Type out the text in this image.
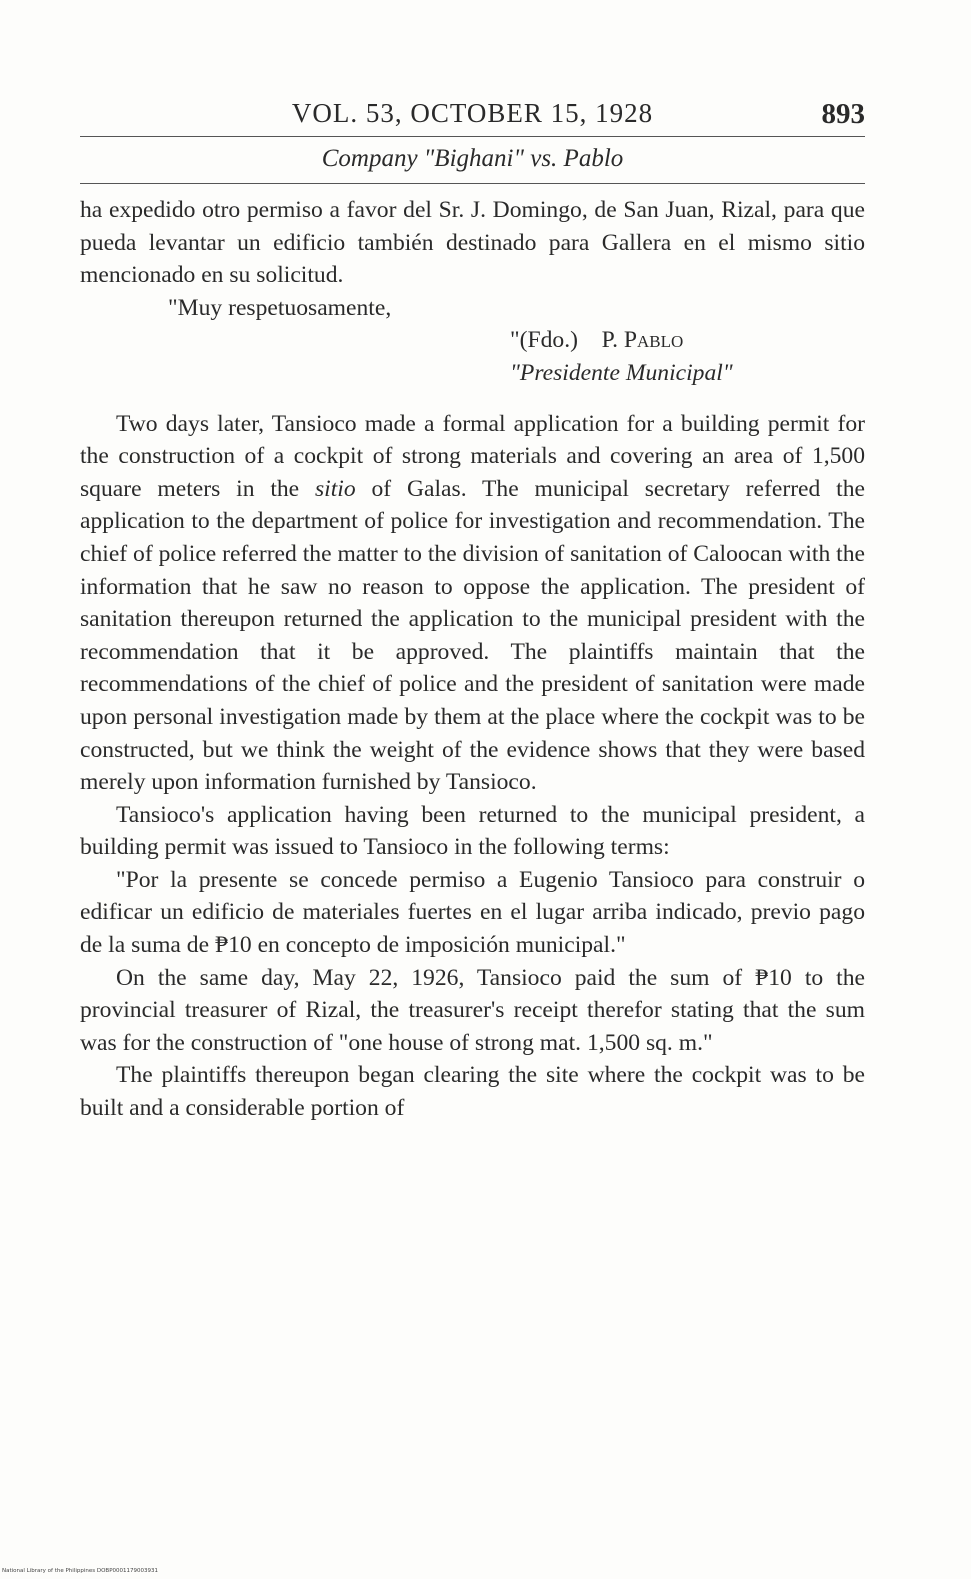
VOL. 53, OCTOBER 15, 1928	893
Company "Bighani" vs. Pablo

ha expedido otro permiso a favor del Sr. J. Domingo, de San Juan, Rizal, para que pueda levantar un edificio también destinado para Gallera en el mismo sitio mencionado en su solicitud.

"Muy respetuosamente,

"(Fdo.) P. Pablo
"Presidente Municipal"

Two days later, Tansioco made a formal application for a building permit for the construction of a cockpit of strong materials and covering an area of 1,500 square meters in the sitio of Galas. The municipal secretary referred the application to the department of police for investigation and recommendation. The chief of police referred the matter to the division of sanitation of Caloocan with the information that he saw no reason to oppose the application. The president of sanitation thereupon returned the application to the municipal president with the recommendation that it be approved. The plaintiffs maintain that the recommendations of the chief of police and the president of sanitation were made upon personal investigation made by them at the place where the cockpit was to be constructed, but we think the weight of the evidence shows that they were based merely upon information furnished by Tansioco.

Tansioco's application having been returned to the municipal president, a building permit was issued to Tansioco in the following terms:

"Por la presente se concede permiso a Eugenio Tansioco para construir o edificar un edificio de materiales fuertes en el lugar arriba indicado, previo pago de la suma de ₱10 en concepto de imposición municipal."

On the same day, May 22, 1926, Tansioco paid the sum of ₱10 to the provincial treasurer of Rizal, the treasurer's receipt therefor stating that the sum was for the construction of "one house of strong mat. 1,500 sq. m."

The plaintiffs thereupon began clearing the site where the cockpit was to be built and a considerable portion of

National Library of the Philippines DOBP0001179003931
